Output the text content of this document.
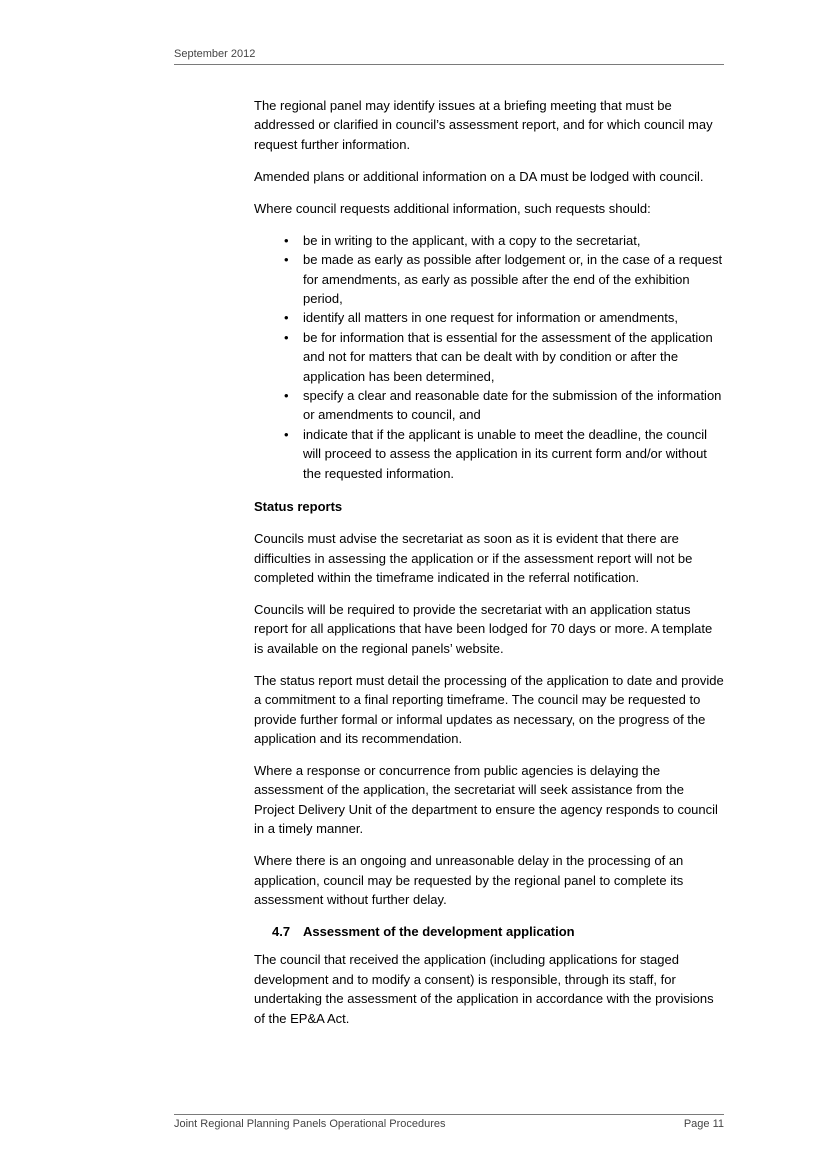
September 2012

The regional panel may identify issues at a briefing meeting that must be addressed or clarified in council’s assessment report, and for which council may request further information.

Amended plans or additional information on a DA must be lodged with council.

Where council requests additional information, such requests should:

• be in writing to the applicant, with a copy to the secretariat,
• be made as early as possible after lodgement or, in the case of a request for amendments, as early as possible after the end of the exhibition period,
• identify all matters in one request for information or amendments,
• be for information that is essential for the assessment of the application and not for matters that can be dealt with by condition or after the application has been determined,
• specify a clear and reasonable date for the submission of the information or amendments to council, and
• indicate that if the applicant is unable to meet the deadline, the council will proceed to assess the application in its current form and/or without the requested information.
Status reports

Councils must advise the secretariat as soon as it is evident that there are difficulties in assessing the application or if the assessment report will not be completed within the timeframe indicated in the referral notification.

Councils will be required to provide the secretariat with an application status report for all applications that have been lodged for 70 days or more. A template is available on the regional panels’ website.

The status report must detail the processing of the application to date and provide a commitment to a final reporting timeframe. The council may be requested to provide further formal or informal updates as necessary, on the progress of the application and its recommendation.

Where a response or concurrence from public agencies is delaying the assessment of the application, the secretariat will seek assistance from the Project Delivery Unit of the department to ensure the agency responds to council in a timely manner.

Where there is an ongoing and unreasonable delay in the processing of an application, council may be requested by the regional panel to complete its assessment without further delay.

4.7 Assessment of the development application

The council that received the application (including applications for staged development and to modify a consent) is responsible, through its staff, for undertaking the assessment of the application in accordance with the provisions of the EP&A Act.

Joint Regional Planning Panels Operational Procedures	Page 11
